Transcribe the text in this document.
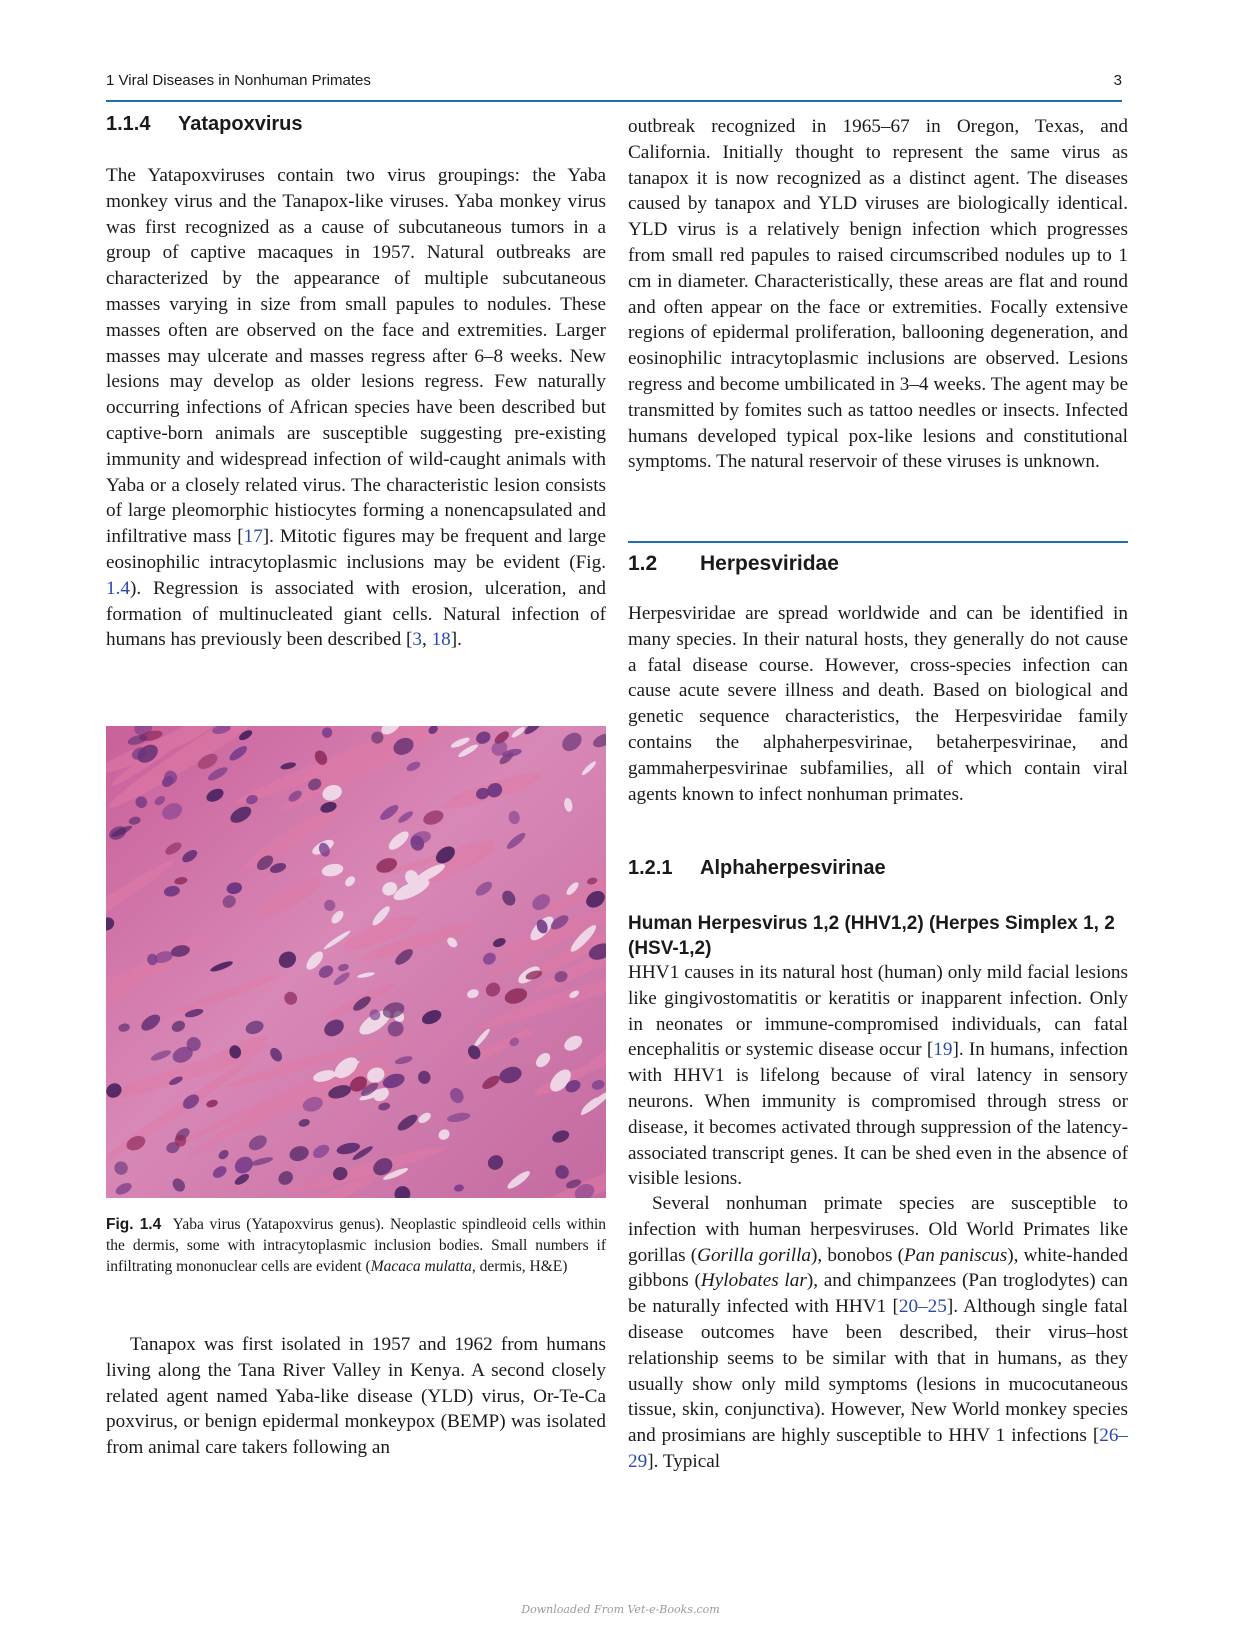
1 Viral Diseases in Nonhuman Primates	3

1.1.4 Yatapoxvirus

The Yatapoxviruses contain two virus groupings: the Yaba monkey virus and the Tanapox-like viruses. Yaba monkey virus was first recognized as a cause of subcutaneous tumors in a group of captive macaques in 1957. Natural outbreaks are characterized by the appearance of multiple subcutaneous masses varying in size from small papules to nodules. These masses often are observed on the face and extremities. Larger masses may ulcerate and masses regress after 6–8 weeks. New lesions may develop as older lesions regress. Few naturally occurring infections of African species have been described but captive-born animals are susceptible suggesting pre-existing immunity and widespread infection of wild-caught animals with Yaba or a closely related virus. The characteristic lesion consists of large pleomorphic histiocytes forming a nonencapsulated and infiltrative mass [17]. Mitotic figures may be frequent and large eosinophilic intracytoplasmic inclusions may be evident (Fig. 1.4). Regression is associated with erosion, ulceration, and formation of multinucleated giant cells. Natural infection of humans has previously been described [3, 18].

Fig. 1.4 Yaba virus (Yatapoxvirus genus). Neoplastic spindleoid cells within the dermis, some with intracytoplasmic inclusion bodies. Small numbers if infiltrating mononuclear cells are evident (Macaca mulatta, dermis, H&E)

Tanapox was first isolated in 1957 and 1962 from humans living along the Tana River Valley in Kenya. A second closely related agent named Yaba-like disease (YLD) virus, Or-Te-Ca poxvirus, or benign epidermal monkeypox (BEMP) was isolated from animal care takers following an

outbreak recognized in 1965–67 in Oregon, Texas, and California. Initially thought to represent the same virus as tanapox it is now recognized as a distinct agent. The diseases caused by tanapox and YLD viruses are biologically identical. YLD virus is a relatively benign infection which progresses from small red papules to raised circumscribed nodules up to 1 cm in diameter. Characteristically, these areas are flat and round and often appear on the face or extremities. Focally extensive regions of epidermal proliferation, ballooning degeneration, and eosinophilic intracytoplasmic inclusions are observed. Lesions regress and become umbilicated in 3–4 weeks. The agent may be transmitted by fomites such as tattoo needles or insects. Infected humans developed typical pox-like lesions and constitutional symptoms. The natural reservoir of these viruses is unknown.

1.2 Herpesviridae

Herpesviridae are spread worldwide and can be identified in many species. In their natural hosts, they generally do not cause a fatal disease course. However, cross-species infection can cause acute severe illness and death. Based on biological and genetic sequence characteristics, the Herpesviridae family contains the alphaherpesvirinae, betaherpesvirinae, and gammaherpesvirinae subfamilies, all of which contain viral agents known to infect nonhuman primates.

1.2.1 Alphaherpesvirinae

Human Herpesvirus 1,2 (HHV1,2) (Herpes Simplex 1, 2 (HSV-1,2)

HHV1 causes in its natural host (human) only mild facial lesions like gingivostomatitis or keratitis or inapparent infection. Only in neonates or immune-compromised individuals, can fatal encephalitis or systemic disease occur [19]. In humans, infection with HHV1 is lifelong because of viral latency in sensory neurons. When immunity is compromised through stress or disease, it becomes activated through suppression of the latency-associated transcript genes. It can be shed even in the absence of visible lesions.

Several nonhuman primate species are susceptible to infection with human herpesviruses. Old World Primates like gorillas (Gorilla gorilla), bonobos (Pan paniscus), white-handed gibbons (Hylobates lar), and chimpanzees (Pan troglodytes) can be naturally infected with HHV1 [20–25]. Although single fatal disease outcomes have been described, their virus–host relationship seems to be similar with that in humans, as they usually show only mild symptoms (lesions in mucocutaneous tissue, skin, conjunctiva). However, New World monkey species and prosimians are highly susceptible to HHV 1 infections [26–29]. Typical

Downloaded From Vet-e-Books.com
